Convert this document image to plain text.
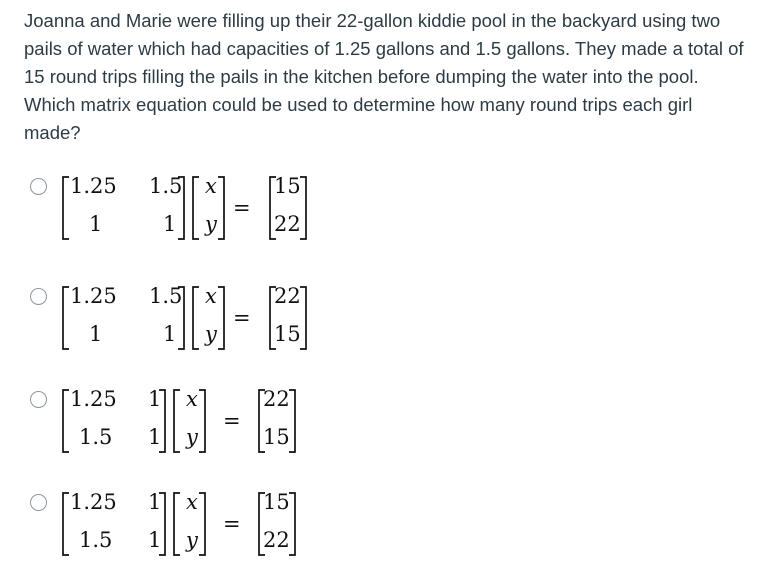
Joanna and Marie were filling up their 22-gallon kiddie pool in the backyard using two pails of water which had capacities of 1.25 gallons and 1.5 gallons. They made a total of 15 round trips filling the pails in the kitchen before dumping the water into the pool. Which matrix equation could be used to determine how many round trips each girl made?

1.25 1.5
1	1
x
y
=
15
22
1.25 1.5
1	1
x
y
=
22
15
1.25 1
1.5 1
x
y
=
22
15
1.25 1
1.5 1
x
y
=
15
22
